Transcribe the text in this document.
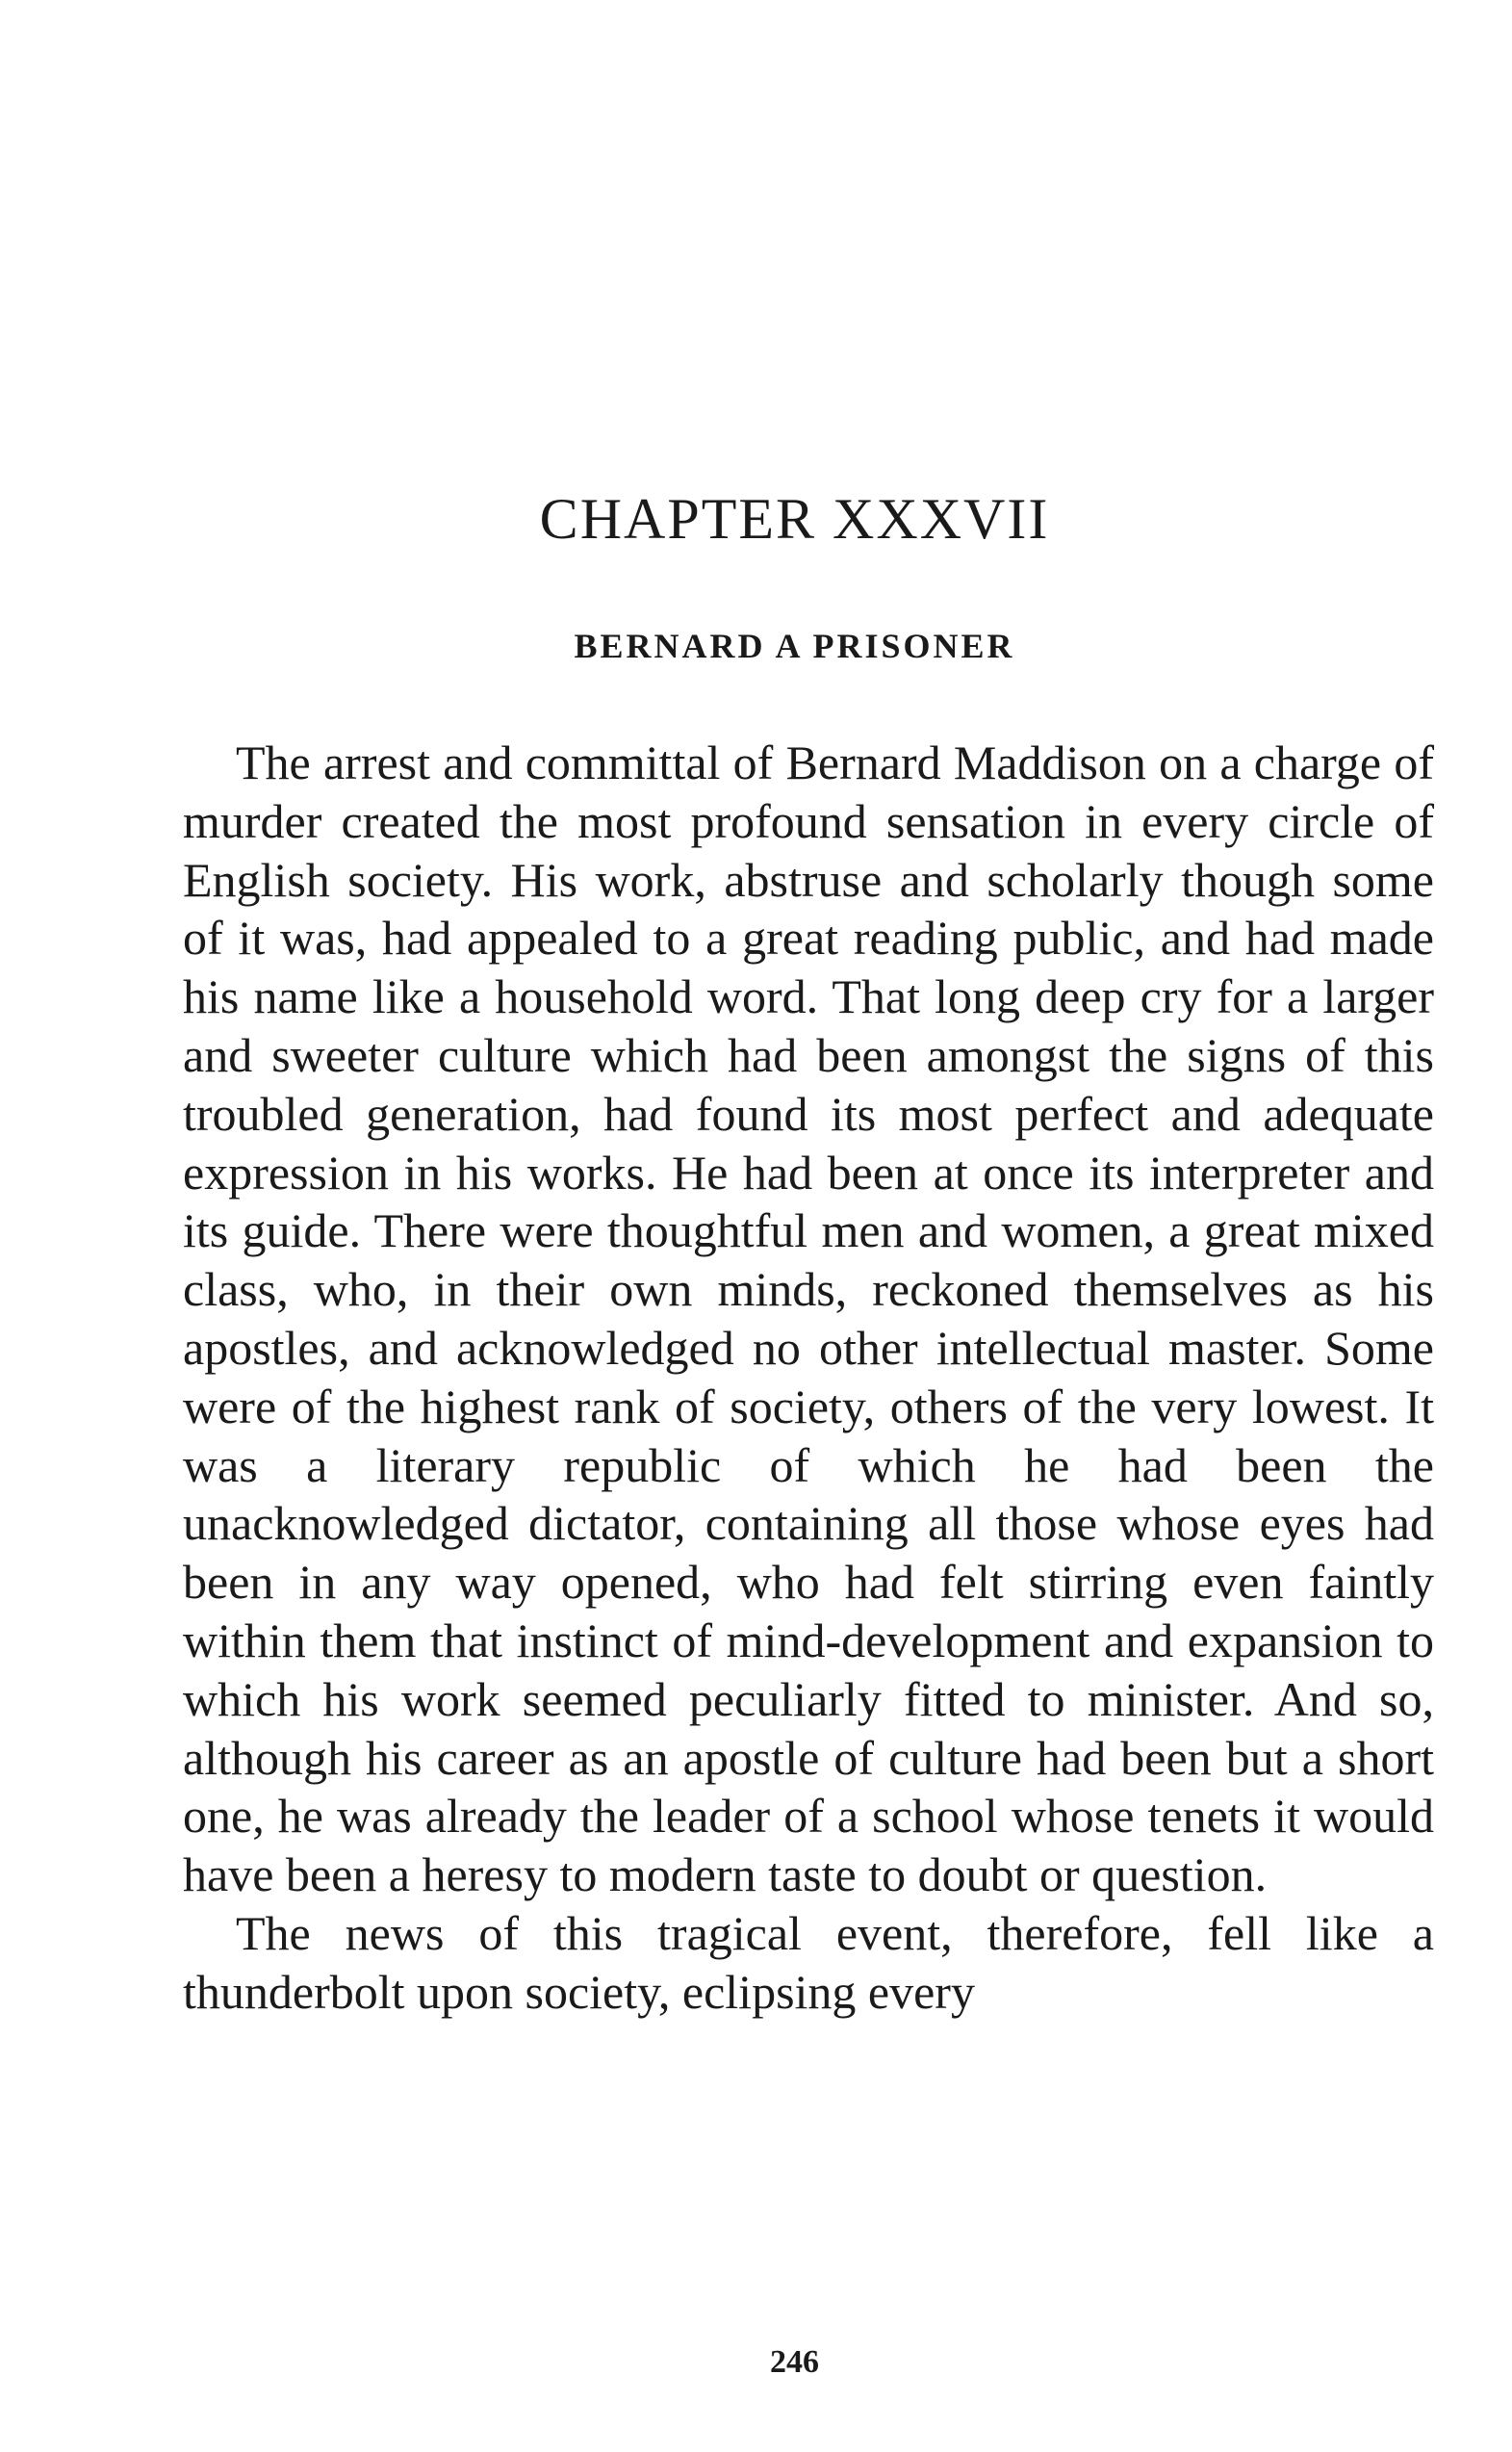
CHAPTER XXXVII
BERNARD A PRISONER

The arrest and committal of Bernard Maddison on a charge of murder created the most profound sensation in every circle of English society. His work, abstruse and scholarly though some of it was, had appealed to a great reading public, and had made his name like a household word. That long deep cry for a larger and sweeter culture which had been amongst the signs of this troubled generation, had found its most perfect and adequate expression in his works. He had been at once its interpreter and its guide. There were thoughtful men and women, a great mixed class, who, in their own minds, reckoned themselves as his apostles, and acknowledged no other intellectual master. Some were of the highest rank of society, others of the very lowest. It was a literary republic of which he had been the unacknowledged dictator, containing all those whose eyes had been in any way opened, who had felt stirring even faintly within them that instinct of mind-development and expansion to which his work seemed peculiarly fitted to minister. And so, although his career as an apostle of culture had been but a short one, he was already the leader of a school whose tenets it would have been a heresy to modern taste to doubt or question.

The news of this tragical event, therefore, fell like a thunderbolt upon society, eclipsing every

246
